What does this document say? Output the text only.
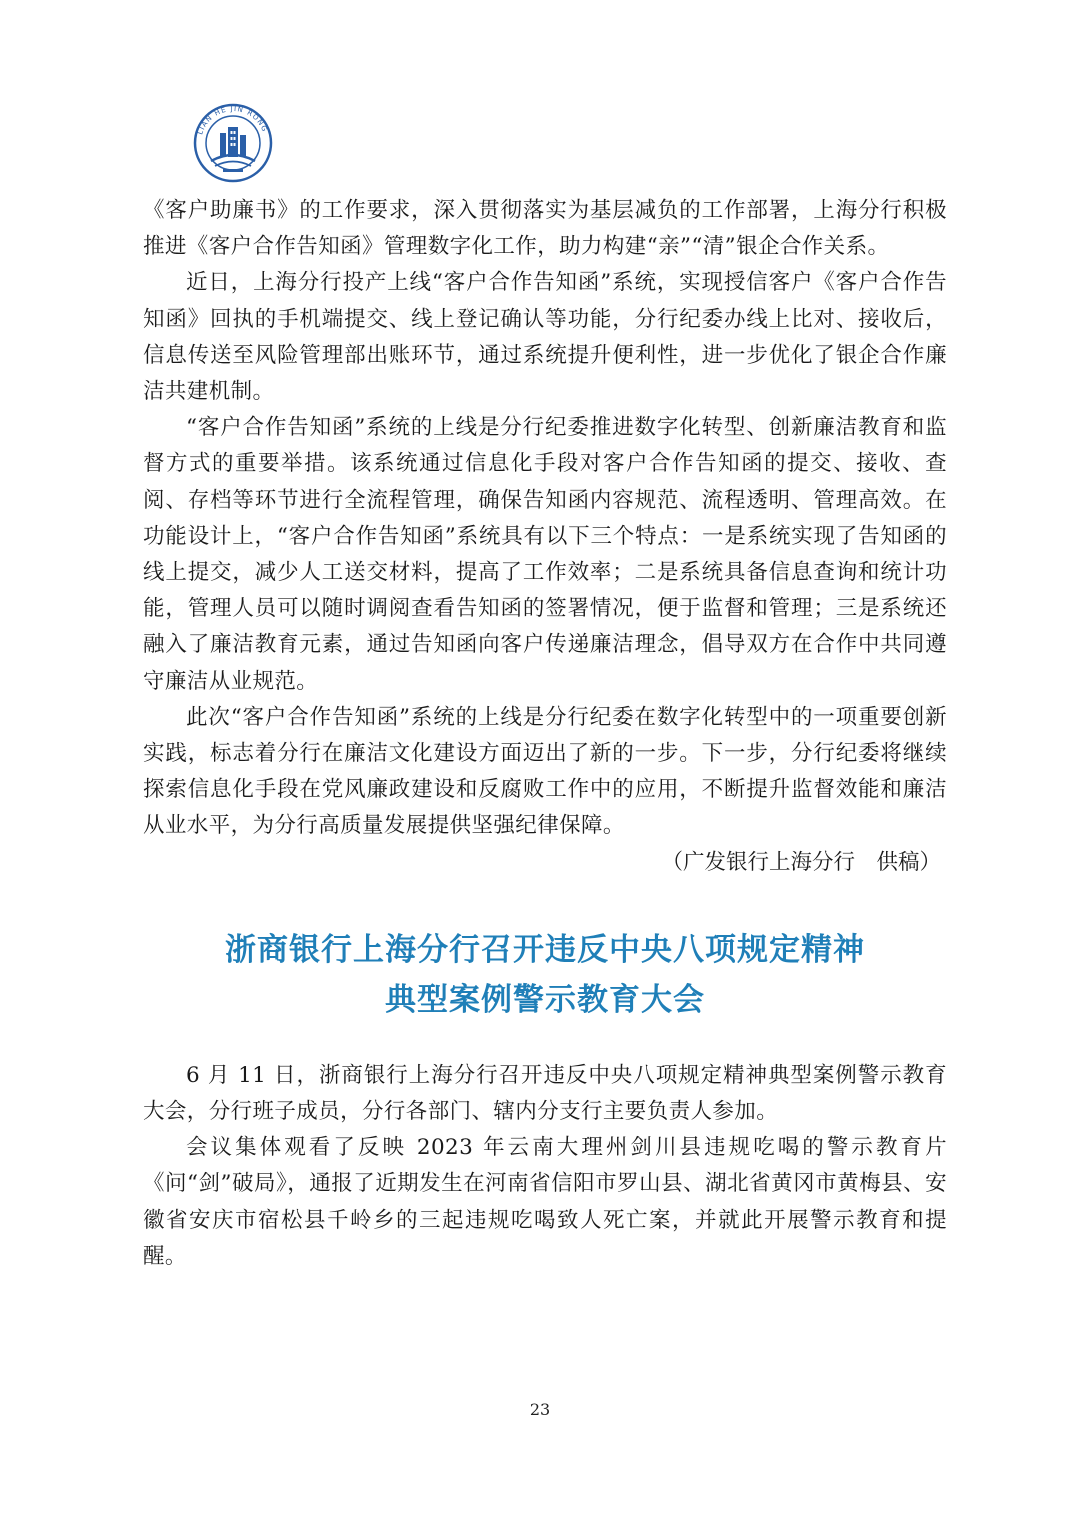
LIAN HE JIN RONG

《客户助廉书》的工作要求，深入贯彻落实为基层减负的工作部署，上海分行积极推进《客户合作告知函》管理数字化工作，助力构建“亲”“清”银企合作关系。

近日，上海分行投产上线“客户合作告知函”系统，实现授信客户《客户合作告知函》回执的手机端提交、线上登记确认等功能，分行纪委办线上比对、接收后，信息传送至风险管理部出账环节，通过系统提升便利性，进一步优化了银企合作廉洁共建机制。

“客户合作告知函”系统的上线是分行纪委推进数字化转型、创新廉洁教育和监督方式的重要举措。该系统通过信息化手段对客户合作告知函的提交、接收、查阅、存档等环节进行全流程管理，确保告知函内容规范、流程透明、管理高效。在功能设计上，“客户合作告知函”系统具有以下三个特点：一是系统实现了告知函的线上提交，减少人工送交材料，提高了工作效率；二是系统具备信息查询和统计功能，管理人员可以随时调阅查看告知函的签署情况，便于监督和管理；三是系统还融入了廉洁教育元素，通过告知函向客户传递廉洁理念，倡导双方在合作中共同遵守廉洁从业规范。

此次“客户合作告知函”系统的上线是分行纪委在数字化转型中的一项重要创新实践，标志着分行在廉洁文化建设方面迈出了新的一步。下一步，分行纪委将继续探索信息化手段在党风廉政建设和反腐败工作中的应用，不断提升监督效能和廉洁从业水平，为分行高质量发展提供坚强纪律保障。

（广发银行上海分行　供稿）

浙商银行上海分行召开违反中央八项规定精神
典型案例警示教育大会

6 月 11 日，浙商银行上海分行召开违反中央八项规定精神典型案例警示教育大会，分行班子成员，分行各部门、辖内分支行主要负责人参加。

会议集体观看了反映 2023 年云南大理州剑川县违规吃喝的警示教育片《问“剑”破局》，通报了近期发生在河南省信阳市罗山县、湖北省黄冈市黄梅县、安徽省安庆市宿松县千岭乡的三起违规吃喝致人死亡案，并就此开展警示教育和提醒。

23
